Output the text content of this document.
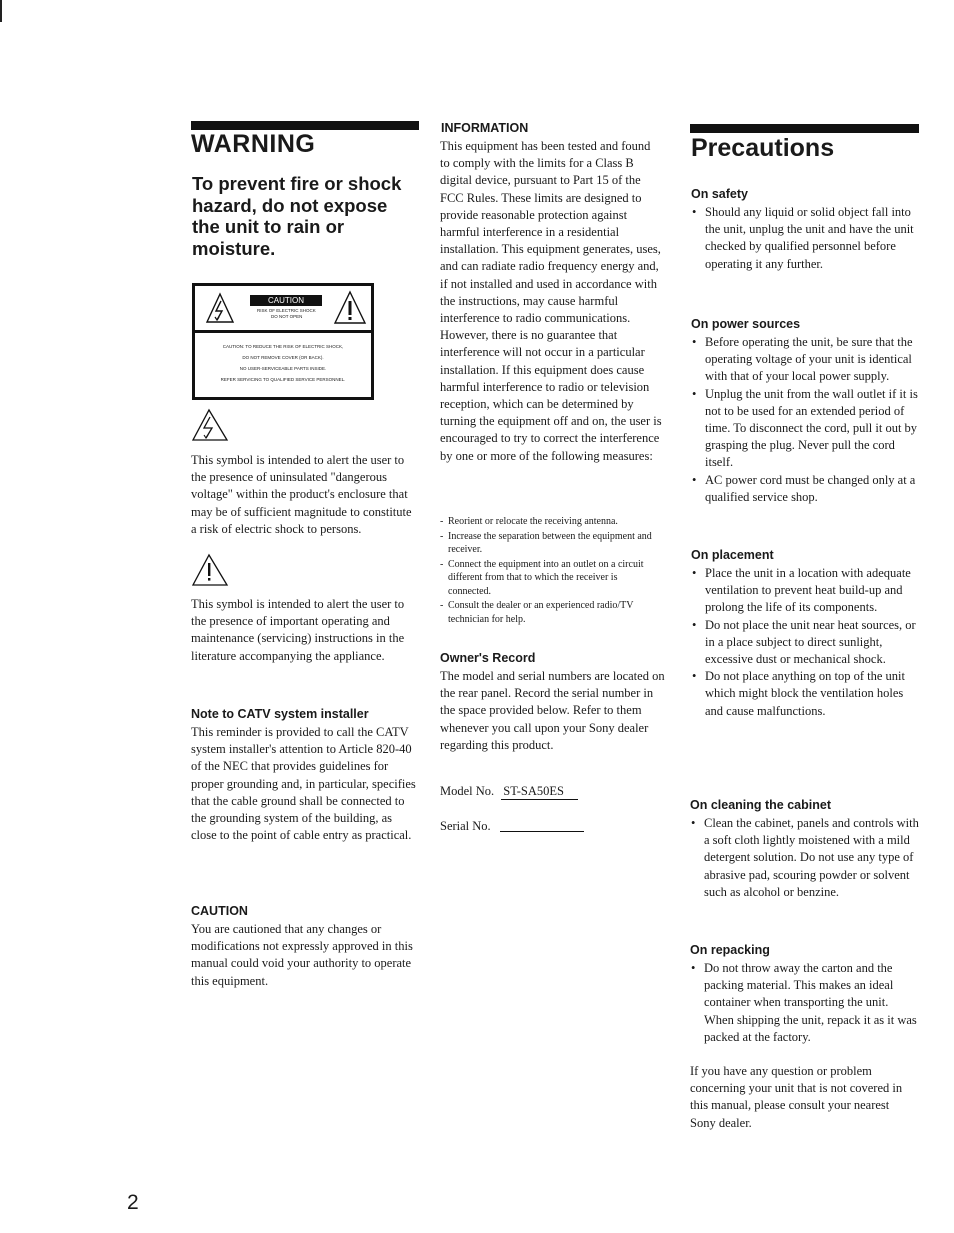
WARNING
To prevent fire or shock hazard, do not expose the unit to rain or moisture.
CAUTION
RISK OF ELECTRIC SHOCK
DO NOT OPEN
CAUTION: TO REDUCE THE RISK OF ELECTRIC SHOCK,
DO NOT REMOVE COVER (OR BACK).
NO USER-SERVICEABLE PARTS INSIDE.
REFER SERVICING TO QUALIFIED SERVICE PERSONNEL.

This symbol is intended to alert the user to the presence of uninsulated "dangerous voltage" within the product's enclosure that may be of sufficient magnitude to constitute a risk of electric shock to persons.

This symbol is intended to alert the user to the presence of important operating and maintenance (servicing) instructions in the literature accompanying the appliance.

Note to CATV system installer

This reminder is provided to call the CATV system installer's attention to Article 820-40 of the NEC that provides guidelines for proper grounding and, in particular, specifies that the cable ground shall be connected to the grounding system of the building, as close to the point of cable entry as practical.

CAUTION

You are cautioned that any changes or modifications not expressly approved in this manual could void your authority to operate this equipment.

INFORMATION

This equipment has been tested and found to comply with the limits for a Class B digital device, pursuant to Part 15 of the FCC Rules. These limits are designed to provide reasonable protection against harmful interference in a residential installation. This equipment generates, uses, and can radiate radio frequency energy and, if not installed and used in accordance with the instructions, may cause harmful interference to radio communications. However, there is no guarantee that interference will not occur in a particular installation. If this equipment does cause harmful interference to radio or television reception, which can be determined by turning the equipment off and on, the user is encouraged to try to correct the interference by one or more of the following measures:

- Reorient or relocate the receiving antenna.
- Increase the separation between the equipment and receiver.
- Connect the equipment into an outlet on a circuit different from that to which the receiver is connected.
- Consult the dealer or an experienced radio/TV technician for help.
Owner's Record

The model and serial numbers are located on the rear panel. Record the serial number in the space provided below. Refer to them whenever you call upon your Sony dealer regarding this product.

Model No. ST-SA50ES
Serial No.
Precautions
On safety
• Should any liquid or solid object fall into the unit, unplug the unit and have the unit checked by qualified personnel before operating it any further.
On power sources
• Before operating the unit, be sure that the operating voltage of your unit is identical with that of your local power supply.
• Unplug the unit from the wall outlet if it is not to be used for an extended period of time. To disconnect the cord, pull it out by grasping the plug. Never pull the cord itself.
• AC power cord must be changed only at a qualified service shop.
On placement
• Place the unit in a location with adequate ventilation to prevent heat build-up and prolong the life of its components.
• Do not place the unit near heat sources, or in a place subject to direct sunlight, excessive dust or mechanical shock.
• Do not place anything on top of the unit which might block the ventilation holes and cause malfunctions.
On cleaning the cabinet
• Clean the cabinet, panels and controls with a soft cloth lightly moistened with a mild detergent solution. Do not use any type of abrasive pad, scouring powder or solvent such as alcohol or benzine.
On repacking
• Do not throw away the carton and the packing material. This makes an ideal container when transporting the unit. When shipping the unit, repack it as it was packed at the factory.

If you have any question or problem concerning your unit that is not covered in this manual, please consult your nearest Sony dealer.

2
